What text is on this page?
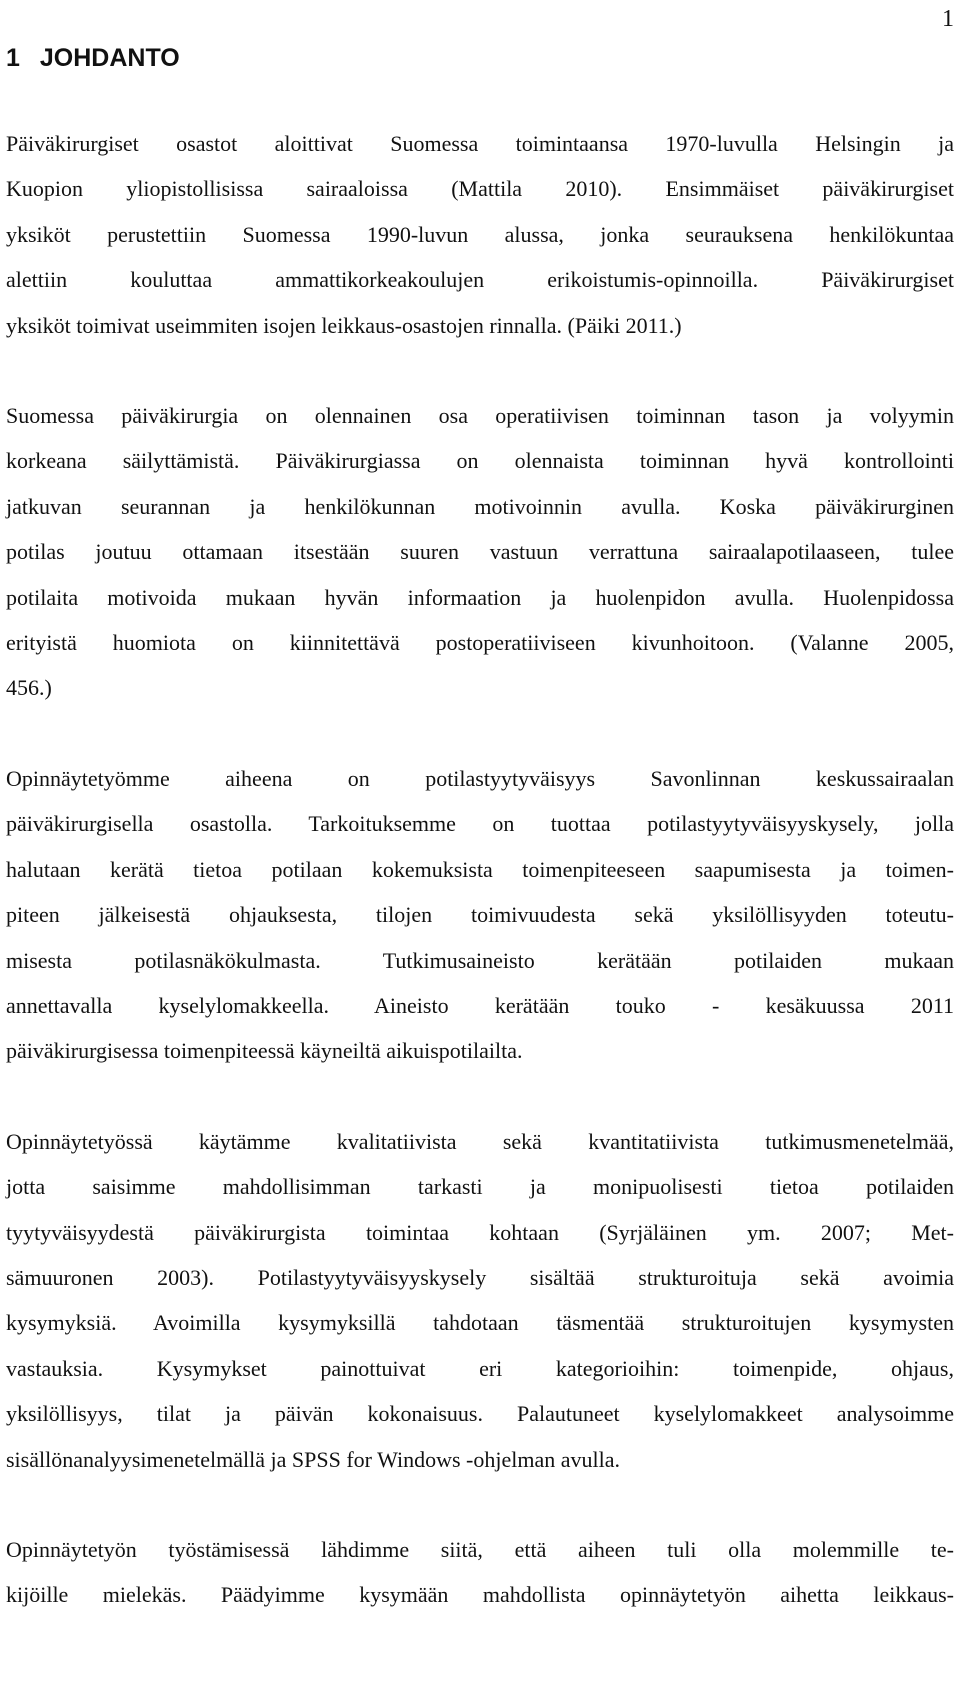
1
1 JOHDANTO
Päiväkirurgiset osastot aloittivat Suomessa toimintaansa 1970-luvulla Helsingin ja
Kuopion yliopistollisissa sairaaloissa (Mattila 2010). Ensimmäiset päiväkirurgiset
yksiköt perustettiin Suomessa 1990-luvun alussa, jonka seurauksena henkilökuntaa
alettiin kouluttaa ammattikorkeakoulujen erikoistumis-opinnoilla. Päiväkirurgiset
yksiköt toimivat useimmiten isojen leikkaus-osastojen rinnalla. (Päiki 2011.)
Suomessa päiväkirurgia on olennainen osa operatiivisen toiminnan tason ja volyymin
korkeana säilyttämistä. Päiväkirurgiassa on olennaista toiminnan hyvä kontrollointi
jatkuvan seurannan ja henkilökunnan motivoinnin avulla. Koska päiväkirurginen
potilas joutuu ottamaan itsestään suuren vastuun verrattuna sairaalapotilaaseen, tulee
potilaita motivoida mukaan hyvän informaation ja huolenpidon avulla. Huolenpidossa
erityistä huomiota on kiinnitettävä postoperatiiviseen kivunhoitoon. (Valanne 2005,
456.)
Opinnäytetyömme aiheena on potilastyytyväisyys Savonlinnan keskussairaalan
päiväkirurgisella osastolla. Tarkoituksemme on tuottaa potilastyytyväisyyskysely, jolla
halutaan kerätä tietoa potilaan kokemuksista toimenpiteeseen saapumisesta ja toimen-
piteen jälkeisestä ohjauksesta, tilojen toimivuudesta sekä yksilöllisyyden toteutu-
misesta potilasnäkökulmasta. Tutkimusaineisto kerätään potilaiden mukaan
annettavalla kyselylomakkeella. Aineisto kerätään touko - kesäkuussa 2011
päiväkirurgisessa toimenpiteessä käyneiltä aikuispotilailta.
Opinnäytetyössä käytämme kvalitatiivista sekä kvantitatiivista tutkimusmenetelmää,
jotta saisimme mahdollisimman tarkasti ja monipuolisesti tietoa potilaiden
tyytyväisyydestä päiväkirurgista toimintaa kohtaan (Syrjäläinen ym. 2007; Met-
sämuuronen 2003). Potilastyytyväisyyskysely sisältää strukturoituja sekä avoimia
kysymyksiä. Avoimilla kysymyksillä tahdotaan täsmentää strukturoitujen kysymysten
vastauksia. Kysymykset painottuivat eri kategorioihin: toimenpide, ohjaus,
yksilöllisyys, tilat ja päivän kokonaisuus. Palautuneet kyselylomakkeet analysoimme
sisällönanalyysimenetelmällä ja SPSS for Windows -ohjelman avulla.
Opinnäytetyön työstämisessä lähdimme siitä, että aiheen tuli olla molemmille te-
kijöille mielekäs. Päädyimme kysymään mahdollista opinnäytetyön aihetta leikkaus-
